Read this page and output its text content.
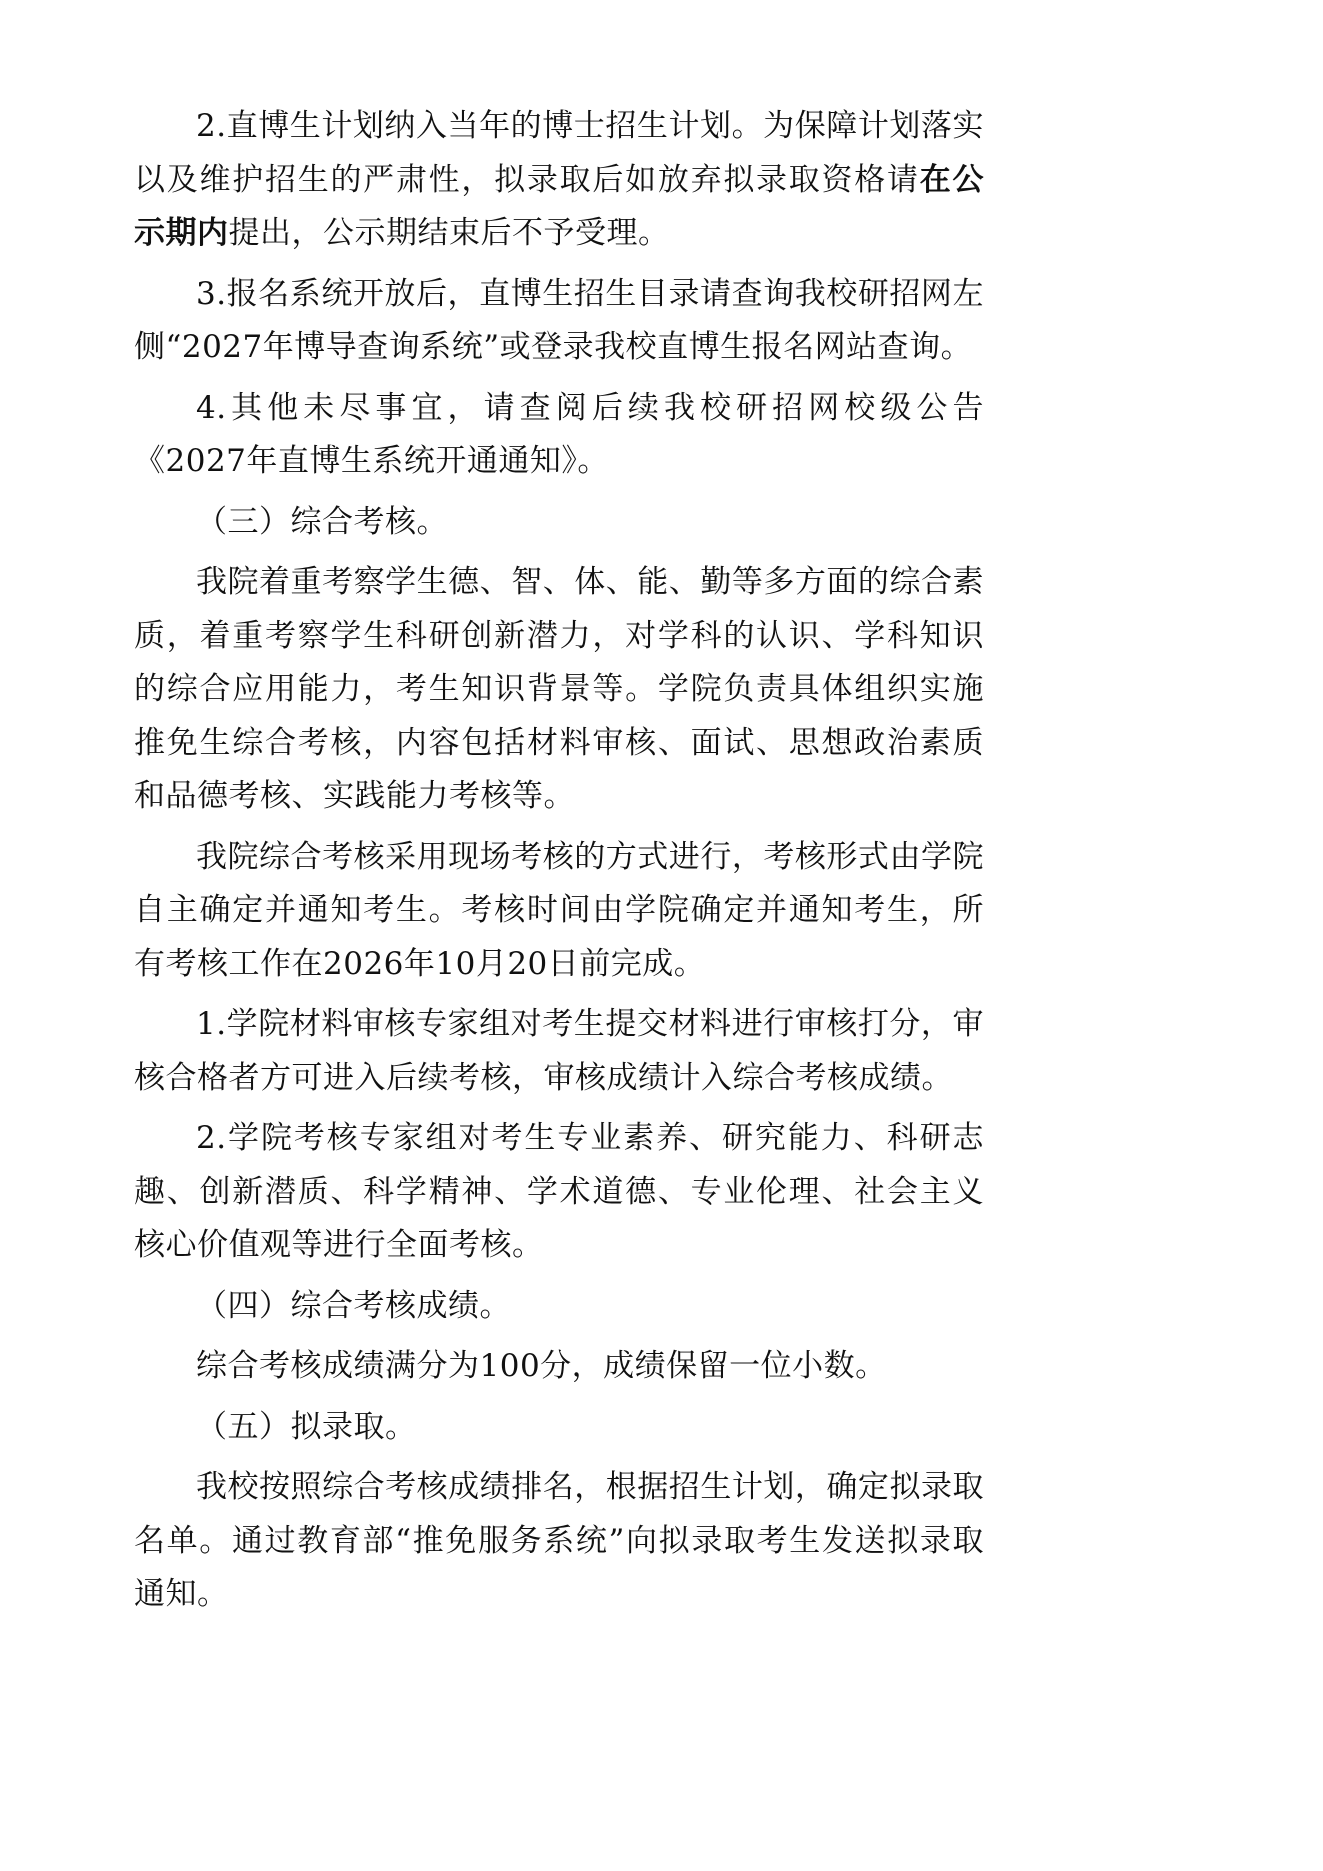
2.直博生计划纳入当年的博士招生计划。为保障计划落实以及维护招生的严肃性，拟录取后如放弃拟录取资格请在公示期内提出，公示期结束后不予受理。

3.报名系统开放后，直博生招生目录请查询我校研招网左侧“2027年博导查询系统”或登录我校直博生报名网站查询。

4.其他未尽事宜，请查阅后续我校研招网校级公告《2027年直博生系统开通通知》。

（三）综合考核。

我院着重考察学生德、智、体、能、勤等多方面的综合素质，着重考察学生科研创新潜力，对学科的认识、学科知识的综合应用能力，考生知识背景等。学院负责具体组织实施推免生综合考核，内容包括材料审核、面试、思想政治素质和品德考核、实践能力考核等。

我院综合考核采用现场考核的方式进行，考核形式由学院自主确定并通知考生。考核时间由学院确定并通知考生，所有考核工作在2026年10月20日前完成。

1.学院材料审核专家组对考生提交材料进行审核打分，审核合格者方可进入后续考核，审核成绩计入综合考核成绩。

2.学院考核专家组对考生专业素养、研究能力、科研志趣、创新潜质、科学精神、学术道德、专业伦理、社会主义核心价值观等进行全面考核。

（四）综合考核成绩。

综合考核成绩满分为100分，成绩保留一位小数。

（五）拟录取。

我校按照综合考核成绩排名，根据招生计划，确定拟录取名单。通过教育部“推免服务系统”向拟录取考生发送拟录取通知。
